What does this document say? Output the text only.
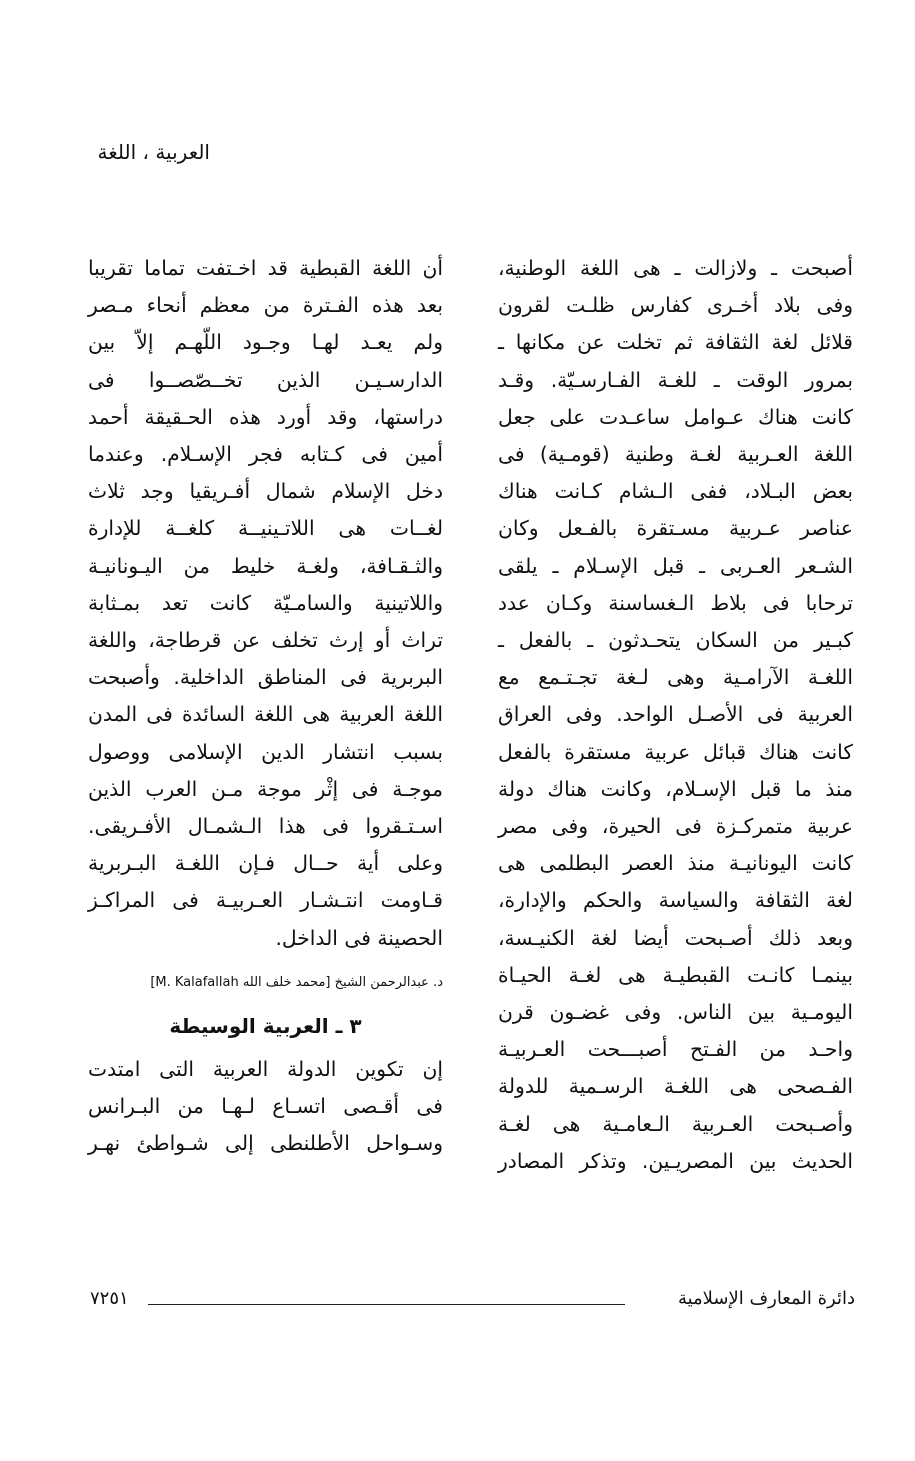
العربية ، اللغة
أصبحت ـ ولازالت ـ هى اللغة الوطنية،
وفى بلاد أخـرى كفارس ظلـت لقرون
قلائل لغة الثقافة ثم تخلت عن مكانها ـ
بمرور الوقت ـ للغـة الفـارسـيّة. وقـد
كانت هناك عـوامل ساعـدت على جعل
اللغة العـربية لغـة وطنية (قومـية) فى
بعض البـلاد، ففى الـشام كـانت هناك
عناصر عـربية مسـتقرة بالفـعل وكان
الشـعر العـربى ـ قبل الإسـلام ـ يلقى
ترحابا فى بلاط الـغساسنة وكـان عدد
كبـير من السكان يتحـدثون ـ بالفعل ـ
اللغـة الآرامـية وهى لـغة تجـتـمع مع
العربية فى الأصـل الواحد. وفى العراق
كانت هناك قبائل عربية مستقرة بالفعل
منذ ما قبل الإسـلام، وكانت هناك دولة
عربية متمركـزة فى الحيرة، وفى مصر
كانت اليونانيـة منذ العصر البطلمى هى
لغة الثقافة والسياسة والحكم والإدارة،
وبعد ذلك أصـبحت أيضا لغة الكنيـسة،
بينمـا كانـت القبطيـة هى لغـة الحيـاة
اليومـية بين الناس. وفى غضـون قرن
واحـد من الفـتح أصبـــحت العـربيـة
الفـصحى هى اللغـة الرسـمية للدولة
وأصـبحت العـربية الـعامـية هى لغـة
الحديث بين المصريـين. وتذكر المصادر
أن اللغة القبطية قد اخـتفت تماما تقريبا
بعد هذه الفـترة من معظم أنحاء مـصر
ولم يعـد لهـا وجـود اللّهـم إلاّ بين
الدارسـيـن الذين تخــصّصــوا فى
دراستها، وقد أورد هذه الحـقيقة أحمد
أمين فى كـتابه فجر الإسـلام. وعندما
دخل الإسلام شمال أفـريقيا وجد ثلاث
لغــات هى اللاتـينيــة كلغــة للإدارة
والثـقـافة، ولغـة خليط من اليـونانيـة
واللاتينية والسامـيّة كانت تعد بمـثابة
تراث أو إرث تخلف عن قرطاجة، واللغة
البربرية فى المناطق الداخلية. وأصبحت
اللغة العربية هى اللغة السائدة فى المدن
بسبب انتشار الدين الإسلامى ووصول
موجـة فى إثْر موجة مـن العرب الذين
اسـتـقروا فى هذا الـشمـال الأفـريقى.
وعلى أية حــال فـإن اللغـة البـربرية
قـاومت انتـشـار العـربيـة فى المراكـز
الحصينة فى الداخل.
د. عبدالرحمن الشيخ [محمد خلف الله M. Kalafallah]
٣ ـ العربية الوسيطة
إن تكوين الدولة العربية التى امتدت
فى أقـصى اتسـاع لـهـا من البـرانس
وسـواحل الأطلنطى إلى شـواطئ نهـر
دائرة المعارف الإسلامية
٧٢٥١
